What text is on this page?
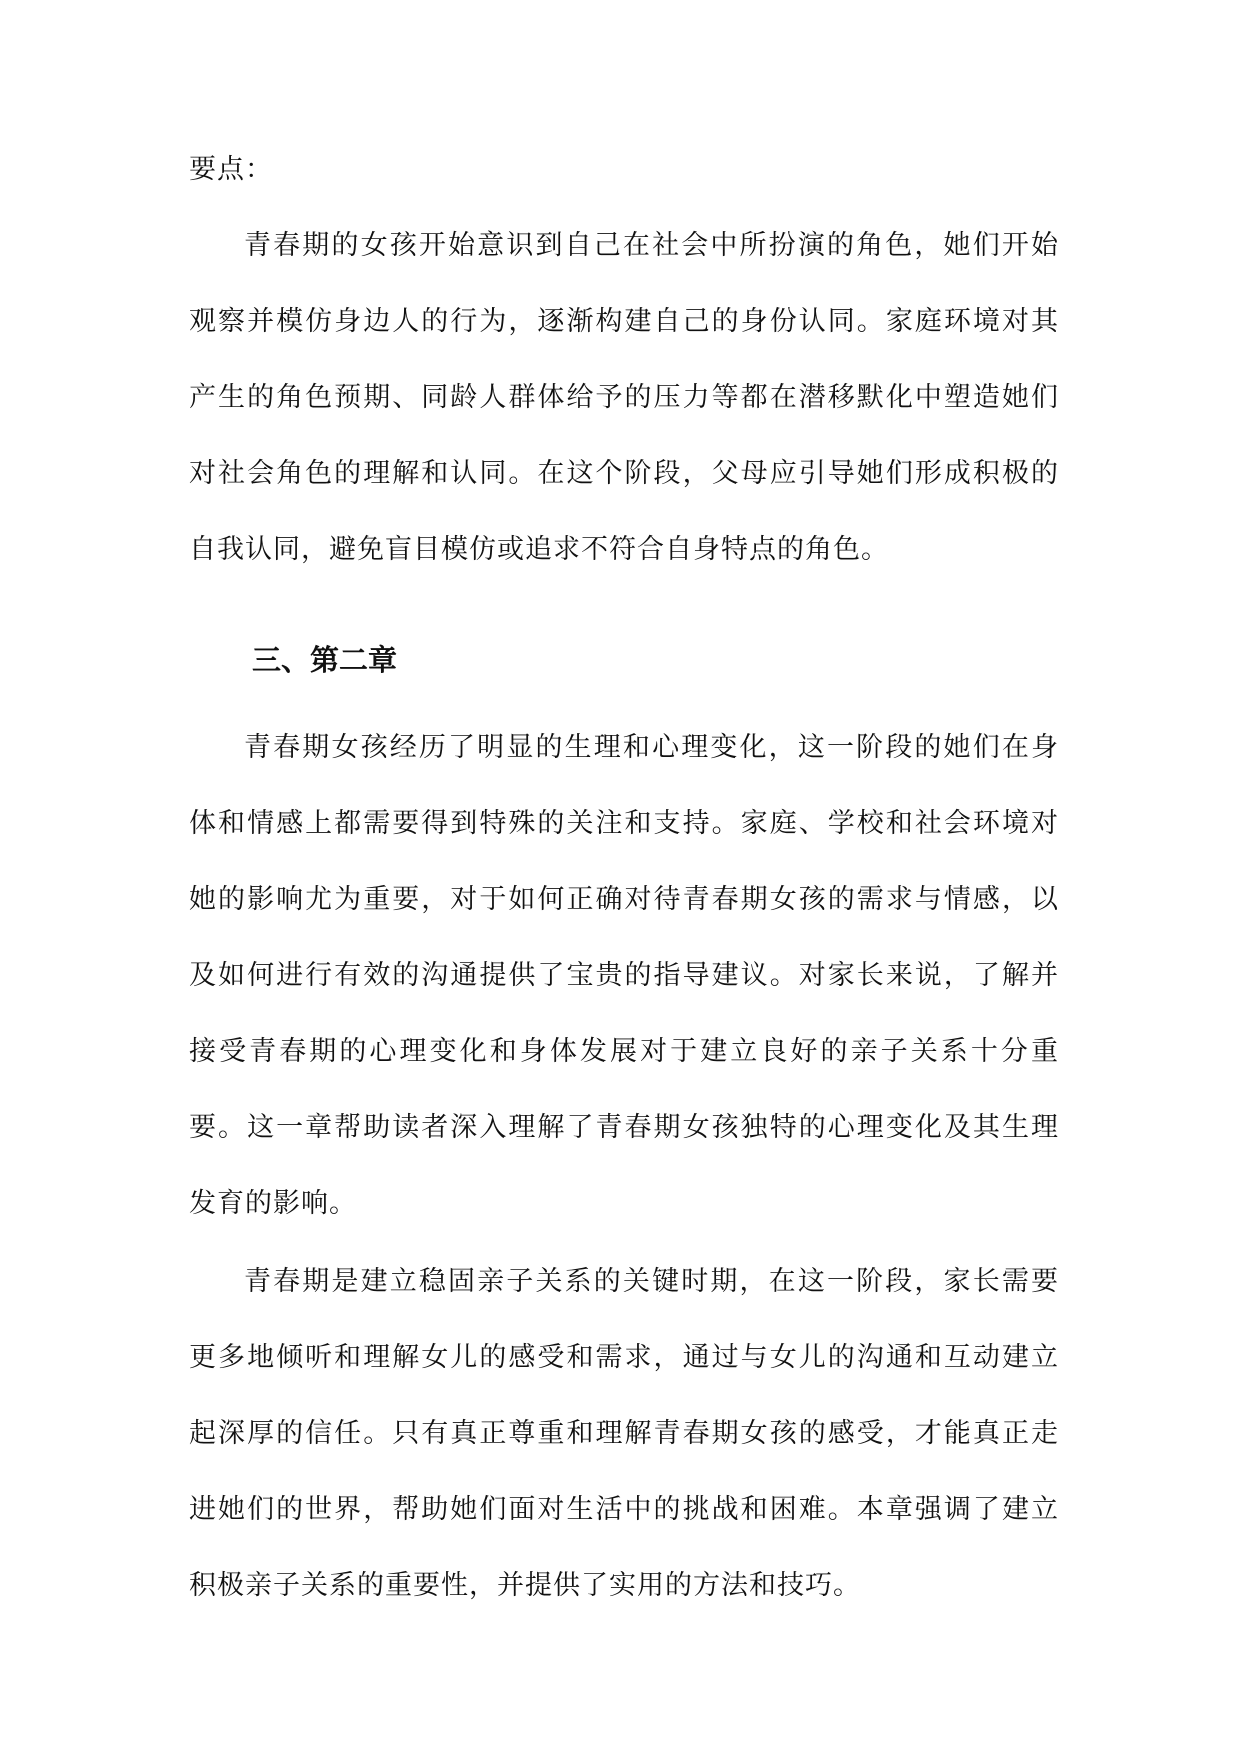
要点：
青春期的女孩开始意识到自己在社会中所扮演的角色，她们开始
观察并模仿身边人的行为，逐渐构建自己的身份认同。家庭环境对其
产生的角色预期、同龄人群体给予的压力等都在潜移默化中塑造她们
对社会角色的理解和认同。在这个阶段，父母应引导她们形成积极的
自我认同，避免盲目模仿或追求不符合自身特点的角色。
三、第二章
青春期女孩经历了明显的生理和心理变化，这一阶段的她们在身
体和情感上都需要得到特殊的关注和支持。家庭、学校和社会环境对
她的影响尤为重要，对于如何正确对待青春期女孩的需求与情感，以
及如何进行有效的沟通提供了宝贵的指导建议。对家长来说，了解并
接受青春期的心理变化和身体发展对于建立良好的亲子关系十分重
要。这一章帮助读者深入理解了青春期女孩独特的心理变化及其生理
发育的影响。
青春期是建立稳固亲子关系的关键时期，在这一阶段，家长需要
更多地倾听和理解女儿的感受和需求，通过与女儿的沟通和互动建立
起深厚的信任。只有真正尊重和理解青春期女孩的感受，才能真正走
进她们的世界，帮助她们面对生活中的挑战和困难。本章强调了建立
积极亲子关系的重要性，并提供了实用的方法和技巧。
